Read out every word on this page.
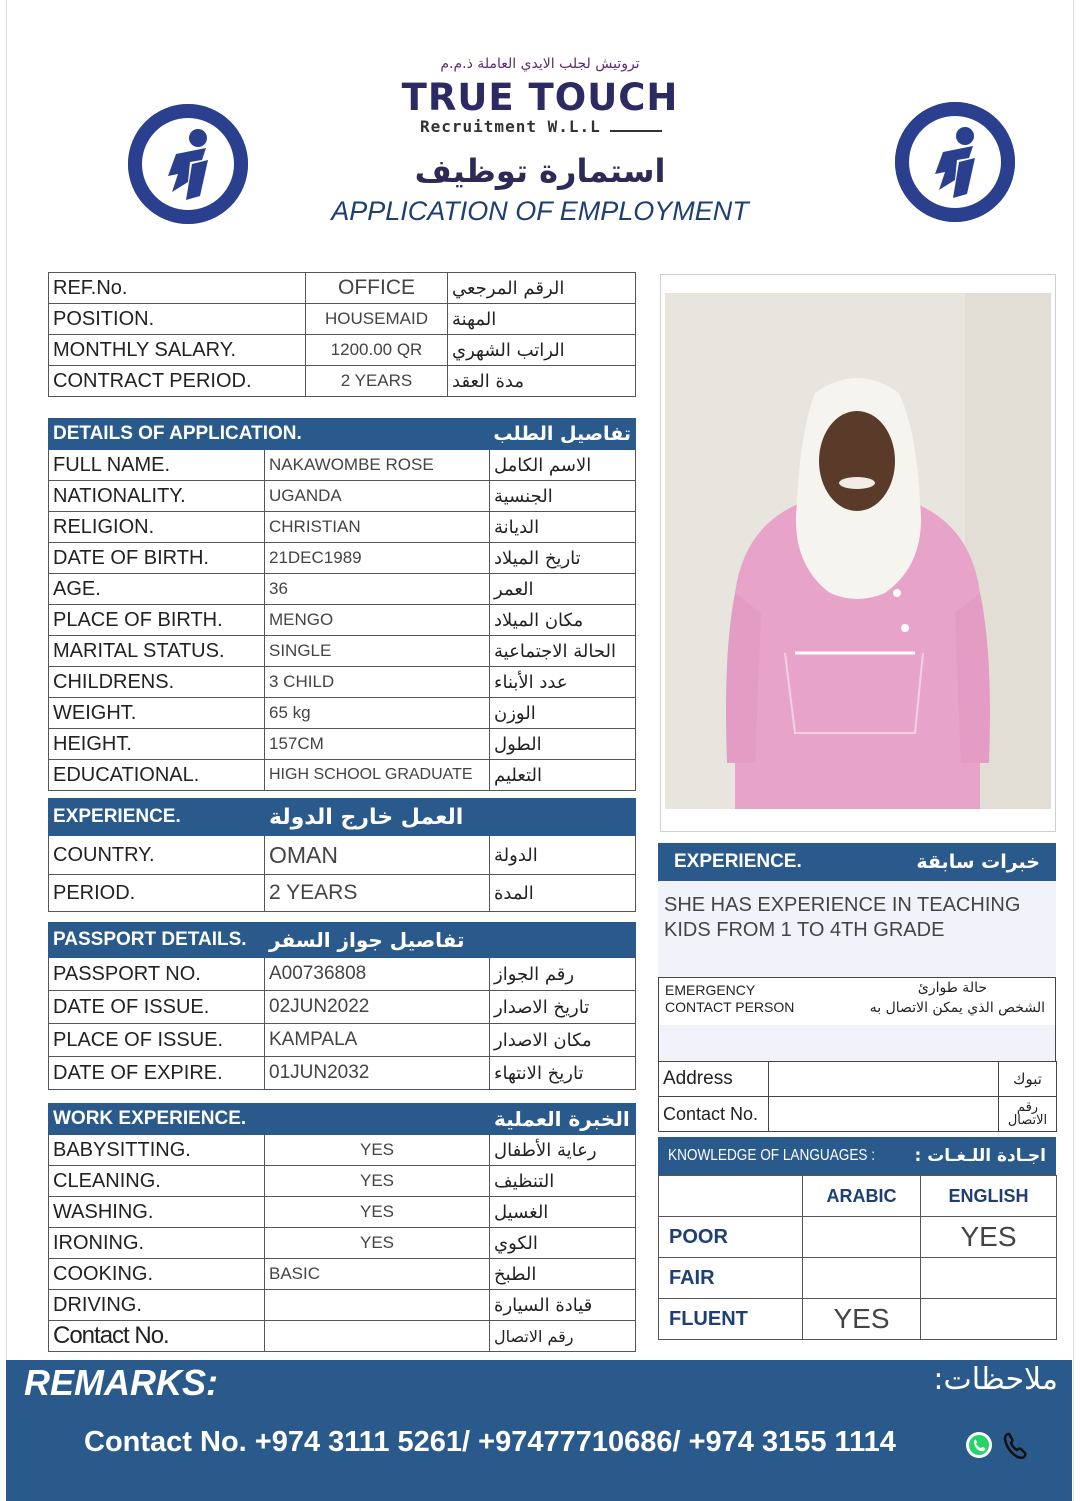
تروتيش لجلب الايدي العاملة ذ.م.م
TRUE TOUCH
Recruitment W.L.L
استمارة توظيف
APPLICATION OF EMPLOYMENT
REF.No.	OFFICE	الرقم المرجعي
POSITION.	HOUSEMAID	المهنة
MONTHLY SALARY.	1200.00 QR	الراتب الشهري
CONTRACT PERIOD.	2 YEARS	مدة العقد
DETAILS OF APPLICATION.		تفاصيل الطلب
FULL NAME.	NAKAWOMBE ROSE	الاسم الكامل
NATIONALITY.	UGANDA	الجنسية
RELIGION.	CHRISTIAN	الديانة
DATE OF BIRTH.	21DEC1989	تاريخ الميلاد
AGE.	36	العمر
PLACE OF BIRTH.	MENGO	مكان الميلاد
MARITAL STATUS.	SINGLE	الحالة الاجتماعية
CHILDRENS.	3 CHILD	عدد الأبناء
WEIGHT.	65 kg	الوزن
HEIGHT.	157CM	الطول
EDUCATIONAL.	HIGH SCHOOL GRADUATE	التعليم
EXPERIENCE.	العمل خارج الدولة	
COUNTRY.	OMAN	الدولة
PERIOD.	2 YEARS	المدة
PASSPORT DETAILS.	تفاصيل جواز السفر	
PASSPORT NO.	A00736808	رقم الجواز
DATE OF ISSUE.	02JUN2022	تاريخ الاصدار
PLACE OF ISSUE.	KAMPALA	مكان الاصدار
DATE OF EXPIRE.	01JUN2032	تاريخ الانتهاء
WORK EXPERIENCE.		الخبرة العملية
BABYSITTING.	YES	رعاية الأطفال
CLEANING.	YES	التنظيف
WASHING.	YES	الغسيل
IRONING.	YES	الكوي
COOKING.	BASIC	الطبخ
DRIVING.		قيادة السيارة
Contact No.		رقم الاتصال
EXPERIENCE.	خبرات سابقة
SHE HAS EXPERIENCE IN TEACHING KIDS FROM 1 TO 4TH GRADE
EMERGENCY
CONTACT PERSON
حالة طوارئ
الشخص الذي يمكن الاتصال به
Address		تبوك
Contact No.		رقم الاتصال
KNOWLEDGE OF LANGUAGES : اجـادة اللـغـات :
	ARABIC	ENGLISH
POOR		YES
FAIR		
FLUENT	YES	
REMARKS:	ملاحظات:
Contact No. +974 3111 5261/ +97477710686/ +974 3155 1114
